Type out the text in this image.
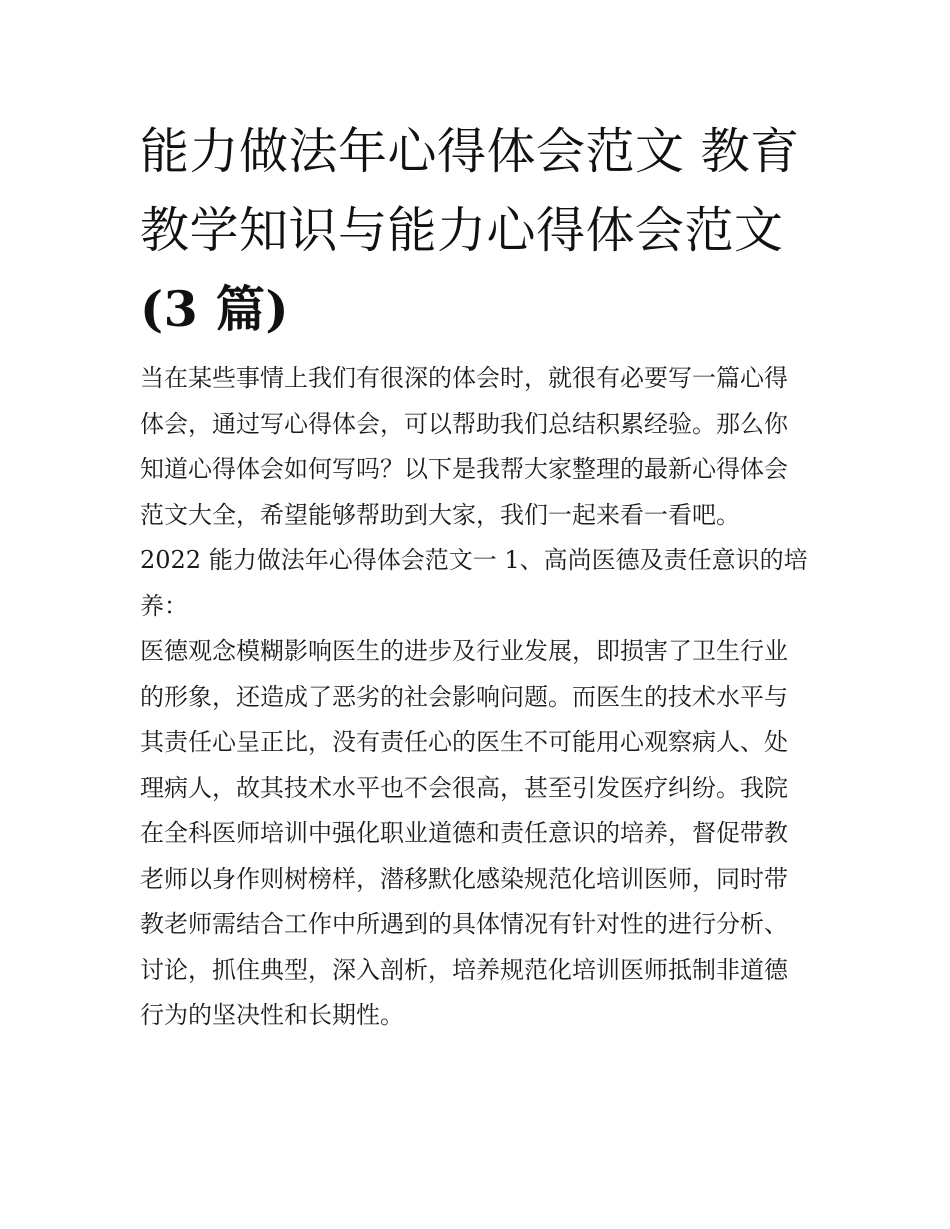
能力做法年心得体会范文 教育
教学知识与能力心得体会范文
(3 篇)

当在某些事情上我们有很深的体会时，就很有必要写一篇心得
体会，通过写心得体会，可以帮助我们总结积累经验。那么你
知道心得体会如何写吗？以下是我帮大家整理的最新心得体会
范文大全，希望能够帮助到大家，我们一起来看一看吧。

2022 能力做法年心得体会范文一 1、高尚医德及责任意识的培
养：

医德观念模糊影响医生的进步及行业发展，即损害了卫生行业
的形象，还造成了恶劣的社会影响问题。而医生的技术水平与
其责任心呈正比，没有责任心的医生不可能用心观察病人、处
理病人，故其技术水平也不会很高，甚至引发医疗纠纷。我院
在全科医师培训中强化职业道德和责任意识的培养，督促带教
老师以身作则树榜样，潜移默化感染规范化培训医师，同时带
教老师需结合工作中所遇到的具体情况有针对性的进行分析、
讨论，抓住典型，深入剖析，培养规范化培训医师抵制非道德
行为的坚决性和长期性。
